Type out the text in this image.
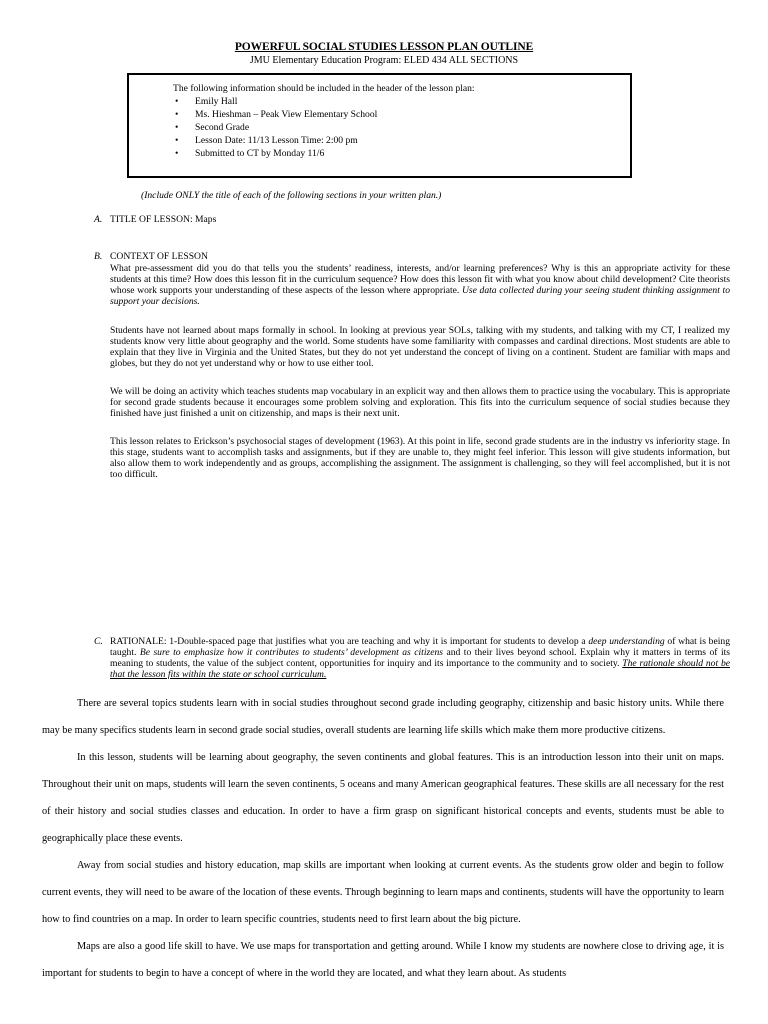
POWERFUL SOCIAL STUDIES LESSON PLAN OUTLINE
JMU Elementary Education Program: ELED 434 ALL SECTIONS
The following information should be included in the header of the lesson plan:
• Emily Hall
• Ms. Hieshman – Peak View Elementary School
• Second Grade
• Lesson Date: 11/13 Lesson Time: 2:00 pm
• Submitted to CT by Monday 11/6
(Include ONLY the title of each of the following sections in your written plan.)
A. TITLE OF LESSON: Maps
B. CONTEXT OF LESSON
What pre-assessment did you do that tells you the students’ readiness, interests, and/or learning preferences? Why is this an appropriate activity for these students at this time? How does this lesson fit in the curriculum sequence? How does this lesson fit with what you know about child development? Cite theorists whose work supports your understanding of these aspects of the lesson where appropriate. Use data collected during your seeing student thinking assignment to support your decisions.
Students have not learned about maps formally in school. In looking at previous year SOLs, talking with my students, and talking with my CT, I realized my students know very little about geography and the world. Some students have some familiarity with compasses and cardinal directions. Most students are able to explain that they live in Virginia and the United States, but they do not yet understand the concept of living on a continent. Student are familiar with maps and globes, but they do not yet understand why or how to use either tool.
We will be doing an activity which teaches students map vocabulary in an explicit way and then allows them to practice using the vocabulary. This is appropriate for second grade students because it encourages some problem solving and exploration. This fits into the curriculum sequence of social studies because they finished have just finished a unit on citizenship, and maps is their next unit.
This lesson relates to Erickson’s psychosocial stages of development (1963). At this point in life, second grade students are in the industry vs inferiority stage. In this stage, students want to accomplish tasks and assignments, but if they are unable to, they might feel inferior. This lesson will give students information, but also allow them to work independently and as groups, accomplishing the assignment. The assignment is challenging, so they will feel accomplished, but it is not too difficult.
C. RATIONALE: 1-Double-spaced page that justifies what you are teaching and why it is important for students to develop a deep understanding of what is being taught. Be sure to emphasize how it contributes to students’ development as citizens and to their lives beyond school. Explain why it matters in terms of its meaning to students, the value of the subject content, opportunities for inquiry and its importance to the community and to society. The rationale should not be that the lesson fits within the state or school curriculum.

There are several topics students learn with in social studies throughout second grade including geography, citizenship and basic history units. While there may be many specifics students learn in second grade social studies, overall students are learning life skills which make them more productive citizens.

In this lesson, students will be learning about geography, the seven continents and global features. This is an introduction lesson into their unit on maps. Throughout their unit on maps, students will learn the seven continents, 5 oceans and many American geographical features. These skills are all necessary for the rest of their history and social studies classes and education. In order to have a firm grasp on significant historical concepts and events, students must be able to geographically place these events.

Away from social studies and history education, map skills are important when looking at current events. As the students grow older and begin to follow current events, they will need to be aware of the location of these events. Through beginning to learn maps and continents, students will have the opportunity to learn how to find countries on a map. In order to learn specific countries, students need to first learn about the big picture.

Maps are also a good life skill to have. We use maps for transportation and getting around. While I know my students are nowhere close to driving age, it is important for students to begin to have a concept of where in the world they are located, and what they learn about. As students
